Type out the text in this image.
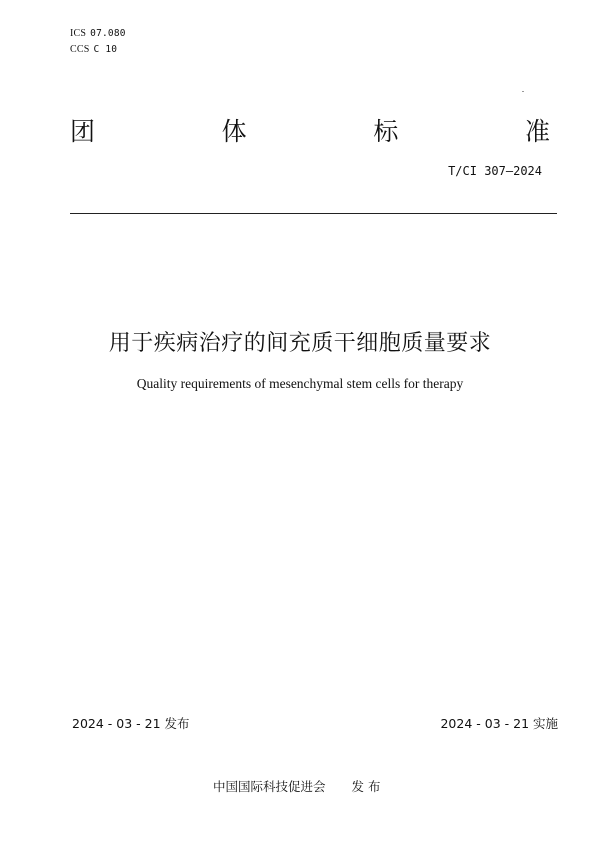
ICS 07.080
CCS C 10
团	体	标	准
T/CI 307—2024
用于疾病治疗的间充质干细胞质量要求
Quality requirements of mesenchymal stem cells for therapy
2024 - 03 - 21 发布	2024 - 03 - 21 实施
中国国际科技促进会 发 布
